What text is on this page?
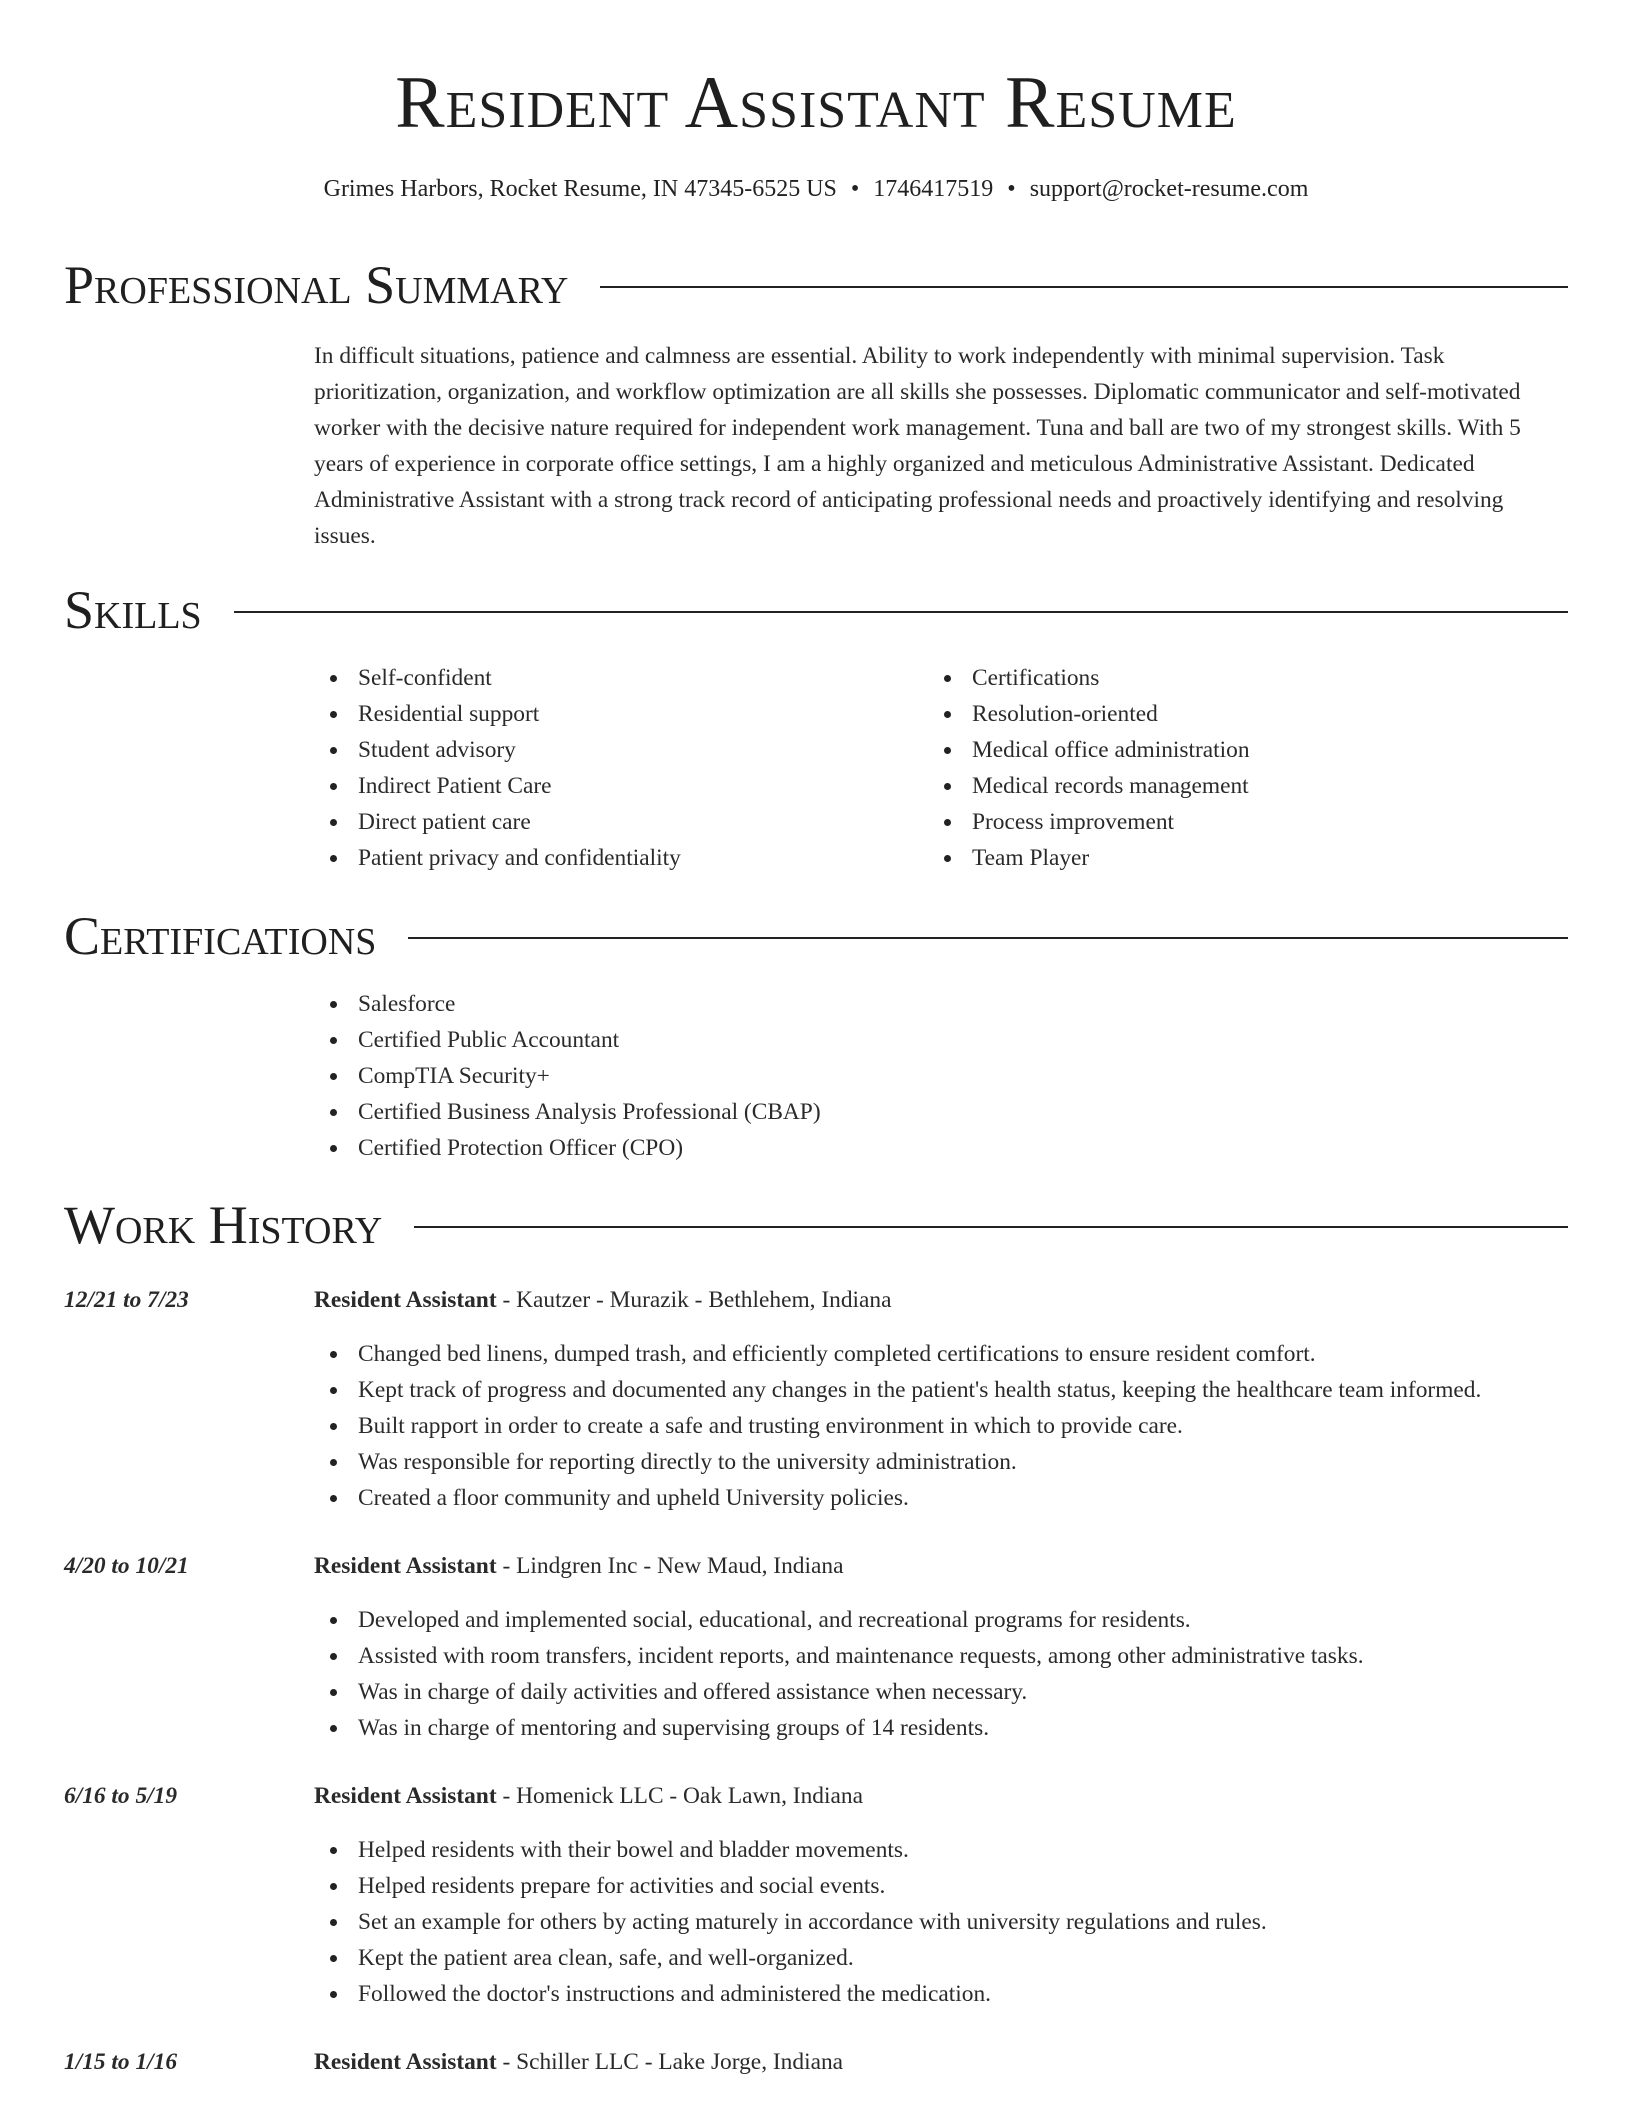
Resident Assistant Resume
Grimes Harbors, Rocket Resume, IN 47345-6525 US • 1746417519 • support@rocket-resume.com
Professional Summary

In difficult situations, patience and calmness are essential. Ability to work independently with minimal supervision. Task prioritization, organization, and workflow optimization are all skills she possesses. Diplomatic communicator and self-motivated worker with the decisive nature required for independent work management. Tuna and ball are two of my strongest skills. With 5 years of experience in corporate office settings, I am a highly organized and meticulous Administrative Assistant. Dedicated Administrative Assistant with a strong track record of anticipating professional needs and proactively identifying and resolving issues.

Skills
Self-confident
Residential support
Student advisory
Indirect Patient Care
Direct patient care
Patient privacy and confidentiality
Certifications
Resolution-oriented
Medical office administration
Medical records management
Process improvement
Team Player
Certifications
Salesforce
Certified Public Accountant
CompTIA Security+
Certified Business Analysis Professional (CBAP)
Certified Protection Officer (CPO)
Work History
12/21 to 7/23	Resident Assistant - Kautzer - Murazik - Bethlehem, Indiana
Changed bed linens, dumped trash, and efficiently completed certifications to ensure resident comfort.
Kept track of progress and documented any changes in the patient's health status, keeping the healthcare team informed.
Built rapport in order to create a safe and trusting environment in which to provide care.
Was responsible for reporting directly to the university administration.
Created a floor community and upheld University policies.
4/20 to 10/21	Resident Assistant - Lindgren Inc - New Maud, Indiana
Developed and implemented social, educational, and recreational programs for residents.
Assisted with room transfers, incident reports, and maintenance requests, among other administrative tasks.
Was in charge of daily activities and offered assistance when necessary.
Was in charge of mentoring and supervising groups of 14 residents.
6/16 to 5/19	Resident Assistant - Homenick LLC - Oak Lawn, Indiana
Helped residents with their bowel and bladder movements.
Helped residents prepare for activities and social events.
Set an example for others by acting maturely in accordance with university regulations and rules.
Kept the patient area clean, safe, and well-organized.
Followed the doctor's instructions and administered the medication.
1/15 to 1/16	Resident Assistant - Schiller LLC - Lake Jorge, Indiana
